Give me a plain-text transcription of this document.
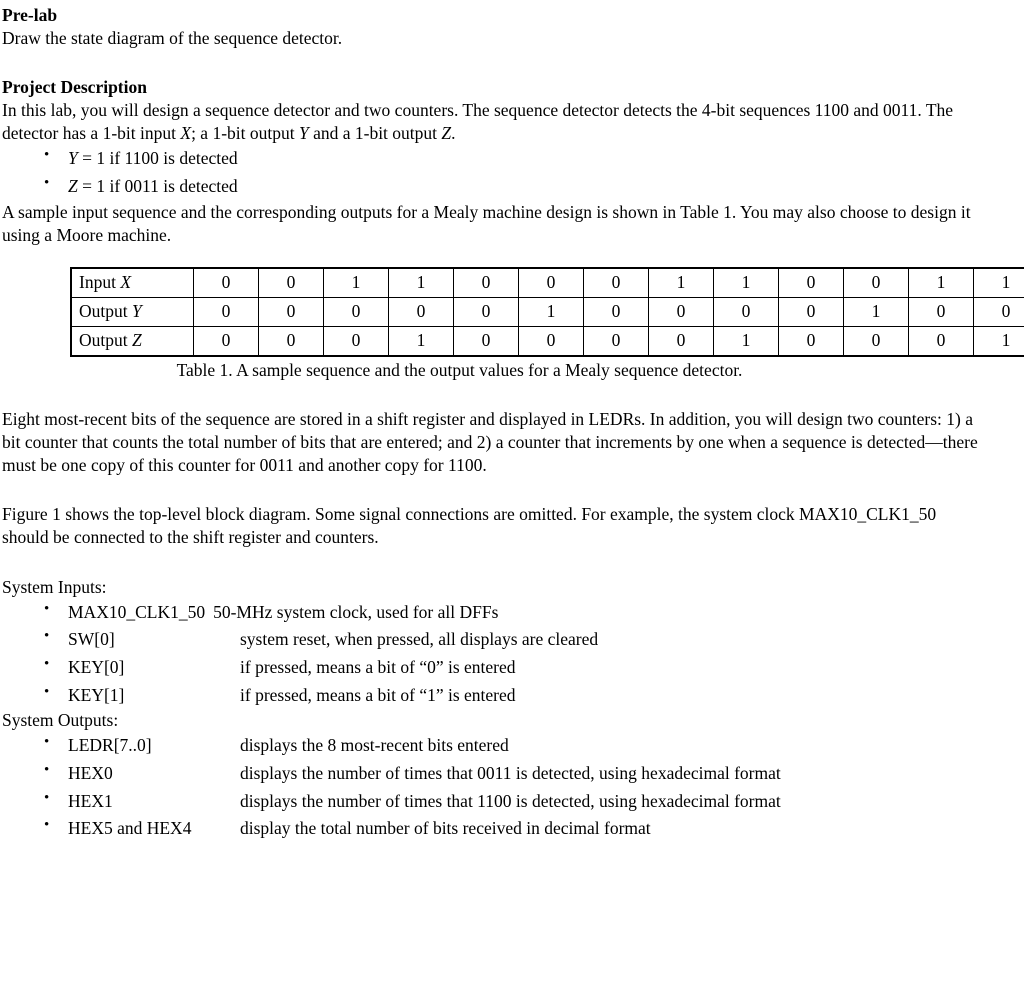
Pre-lab

Draw the state diagram of the sequence detector.

Project Description

In this lab, you will design a sequence detector and two counters. The sequence detector detects the 4-bit sequences 1100 and 0011. The detector has a 1-bit input X; a 1-bit output Y and a 1-bit output Z.

• Y = 1 if 1100 is detected
• Z = 1 if 0011 is detected

A sample input sequence and the corresponding outputs for a Mealy machine design is shown in Table 1. You may also choose to design it using a Moore machine.

Input X	0	0	1	1	0	0	0	1	1	0	0	1	1
Output Y	0	0	0	0	0	1	0	0	0	0	1	0	0
Output Z	0	0	0	1	0	0	0	0	1	0	0	0	1

Table 1. A sample sequence and the output values for a Mealy sequence detector.

Eight most-recent bits of the sequence are stored in a shift register and displayed in LEDRs. In addition, you will design two counters: 1) a bit counter that counts the total number of bits that are entered; and 2) a counter that increments by one when a sequence is detected—there must be one copy of this counter for 0011 and another copy for 1100.

Figure 1 shows the top-level block diagram. Some signal connections are omitted. For example, the system clock MAX10_CLK1_50 should be connected to the shift register and counters.

System Inputs:

• MAX10_CLK1_50 50-MHz system clock, used for all DFFs
• SW[0]	system reset, when pressed, all displays are cleared
• KEY[0]	if pressed, means a bit of “0” is entered
• KEY[1]	if pressed, means a bit of “1” is entered

System Outputs:

• LEDR[7..0]	displays the 8 most-recent bits entered
• HEX0	displays the number of times that 0011 is detected, using hexadecimal format
• HEX1	displays the number of times that 1100 is detected, using hexadecimal format
• HEX5 and HEX4	display the total number of bits received in decimal format
